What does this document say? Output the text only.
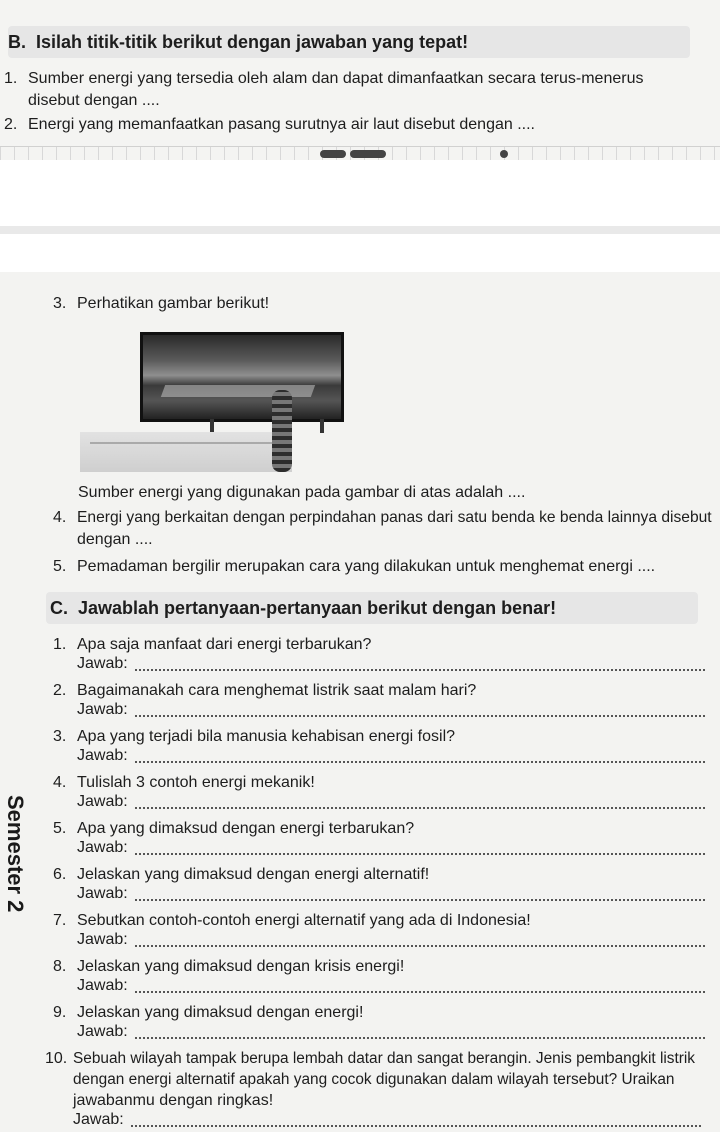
B. Isilah titik-titik berikut dengan jawaban yang tepat!
1. Sumber energi yang tersedia oleh alam dan dapat dimanfaatkan secara terus-menerus
disebut dengan ....
2. Energi yang memanfaatkan pasang surutnya air laut disebut dengan ....
3. Perhatikan gambar berikut!
Sumber energi yang digunakan pada gambar di atas adalah ....
4. Energi yang berkaitan dengan perpindahan panas dari satu benda ke benda lainnya disebut
dengan ....
5. Pemadaman bergilir merupakan cara yang dilakukan untuk menghemat energi ....
C. Jawablah pertanyaan-pertanyaan berikut dengan benar!
1. Apa saja manfaat dari energi terbarukan?
Jawab:
2. Bagaimanakah cara menghemat listrik saat malam hari?
Jawab:
3. Apa yang terjadi bila manusia kehabisan energi fosil?
Jawab:
4. Tulislah 3 contoh energi mekanik!
Jawab:
5. Apa yang dimaksud dengan energi terbarukan?
Jawab:
6. Jelaskan yang dimaksud dengan energi alternatif!
Jawab:
7. Sebutkan contoh-contoh energi alternatif yang ada di Indonesia!
Jawab:
8. Jelaskan yang dimaksud dengan krisis energi!
Jawab:
9. Jelaskan yang dimaksud dengan energi!
Jawab:
10. Sebuah wilayah tampak berupa lembah datar dan sangat berangin. Jenis pembangkit listrik
dengan energi alternatif apakah yang cocok digunakan dalam wilayah tersebut? Uraikan
jawabanmu dengan ringkas!
Jawab:
Semester 2
